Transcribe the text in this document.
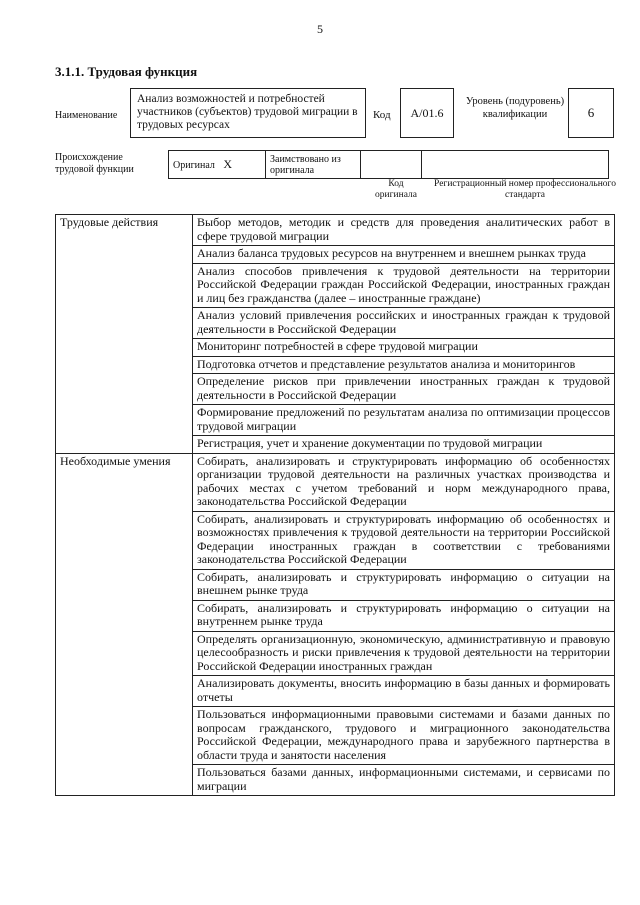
5
3.1.1. Трудовая функция
Наименование
Анализ возможностей и потребностей участников (субъектов) трудовой миграции в трудовых ресурсах
Код A/01.6
Уровень (подуровень) квалификации	6
Происхождение трудовой функции	Оригинал X	Заимствовано из оригинала		
Код оригинала
Регистрационный номер профессионального стандарта
Трудовые действия	Выбор методов, методик и средств для проведения аналитических работ в сфере трудовой миграции
	Анализ баланса трудовых ресурсов на внутреннем и внешнем рынках труда
	Анализ способов привлечения к трудовой деятельности на территории Российской Федерации граждан Российской Федерации, иностранных граждан и лиц без гражданства (далее – иностранные граждане)
	Анализ условий привлечения российских и иностранных граждан к трудовой деятельности в Российской Федерации
	Мониторинг потребностей в сфере трудовой миграции
	Подготовка отчетов и представление результатов анализа и мониторингов
	Определение рисков при привлечении иностранных граждан к трудовой деятельности в Российской Федерации
	Формирование предложений по результатам анализа по оптимизации процессов трудовой миграции
	Регистрация, учет и хранение документации по трудовой миграции
Необходимые умения	Собирать, анализировать и структурировать информацию об особенностях организации трудовой деятельности на различных участках производства и рабочих местах с учетом требований и норм международного права, законодательства Российской Федерации
	Собирать, анализировать и структурировать информацию об особенностях и возможностях привлечения к трудовой деятельности на территории Российской Федерации иностранных граждан в соответствии с требованиями законодательства Российской Федерации
	Собирать, анализировать и структурировать информацию о ситуации на внешнем рынке труда
	Собирать, анализировать и структурировать информацию о ситуации на внутреннем рынке труда
	Определять организационную, экономическую, административную и правовую целесообразность и риски привлечения к трудовой деятельности на территории Российской Федерации иностранных граждан
	Анализировать документы, вносить информацию в базы данных и формировать отчеты
	Пользоваться информационными правовыми системами и базами данных по вопросам гражданского, трудового и миграционного законодательства Российской Федерации, международного права и зарубежного партнерства в области труда и занятости населения
	Пользоваться базами данных, информационными системами, и сервисами по миграции
